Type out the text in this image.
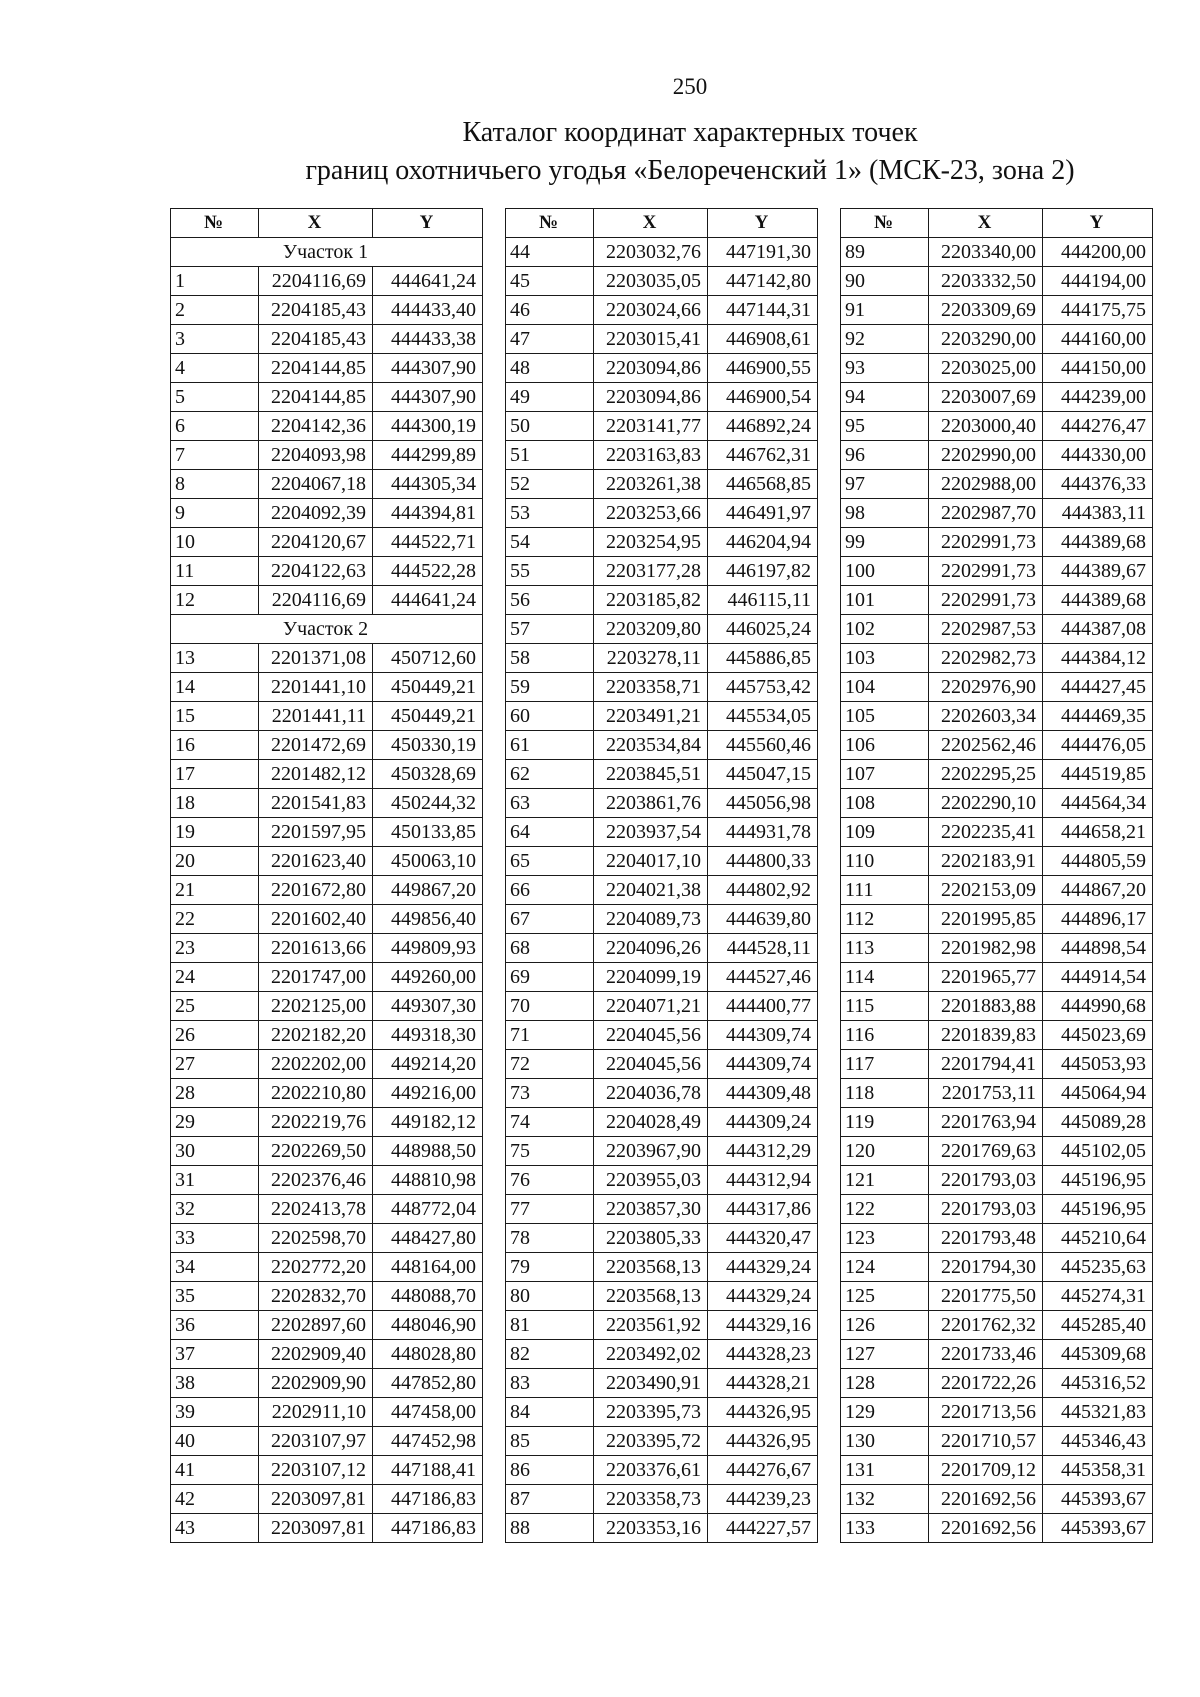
250
Каталог координат характерных точек
границ охотничьего угодья «Белореченский 1» (МСК-23, зона 2)
№	X	Y
Участок 1		
1	2204116,69	444641,24
2	2204185,43	444433,40
3	2204185,43	444433,38
4	2204144,85	444307,90
5	2204144,85	444307,90
6	2204142,36	444300,19
7	2204093,98	444299,89
8	2204067,18	444305,34
9	2204092,39	444394,81
10	2204120,67	444522,71
11	2204122,63	444522,28
12	2204116,69	444641,24
Участок 2		
13	2201371,08	450712,60
14	2201441,10	450449,21
15	2201441,11	450449,21
16	2201472,69	450330,19
17	2201482,12	450328,69
18	2201541,83	450244,32
19	2201597,95	450133,85
20	2201623,40	450063,10
21	2201672,80	449867,20
22	2201602,40	449856,40
23	2201613,66	449809,93
24	2201747,00	449260,00
25	2202125,00	449307,30
26	2202182,20	449318,30
27	2202202,00	449214,20
28	2202210,80	449216,00
29	2202219,76	449182,12
30	2202269,50	448988,50
31	2202376,46	448810,98
32	2202413,78	448772,04
33	2202598,70	448427,80
34	2202772,20	448164,00
35	2202832,70	448088,70
36	2202897,60	448046,90
37	2202909,40	448028,80
38	2202909,90	447852,80
39	2202911,10	447458,00
40	2203107,97	447452,98
41	2203107,12	447188,41
42	2203097,81	447186,83
43	2203097,81	447186,83
№	X	Y
44	2203032,76	447191,30
45	2203035,05	447142,80
46	2203024,66	447144,31
47	2203015,41	446908,61
48	2203094,86	446900,55
49	2203094,86	446900,54
50	2203141,77	446892,24
51	2203163,83	446762,31
52	2203261,38	446568,85
53	2203253,66	446491,97
54	2203254,95	446204,94
55	2203177,28	446197,82
56	2203185,82	446115,11
57	2203209,80	446025,24
58	2203278,11	445886,85
59	2203358,71	445753,42
60	2203491,21	445534,05
61	2203534,84	445560,46
62	2203845,51	445047,15
63	2203861,76	445056,98
64	2203937,54	444931,78
65	2204017,10	444800,33
66	2204021,38	444802,92
67	2204089,73	444639,80
68	2204096,26	444528,11
69	2204099,19	444527,46
70	2204071,21	444400,77
71	2204045,56	444309,74
72	2204045,56	444309,74
73	2204036,78	444309,48
74	2204028,49	444309,24
75	2203967,90	444312,29
76	2203955,03	444312,94
77	2203857,30	444317,86
78	2203805,33	444320,47
79	2203568,13	444329,24
80	2203568,13	444329,24
81	2203561,92	444329,16
82	2203492,02	444328,23
83	2203490,91	444328,21
84	2203395,73	444326,95
85	2203395,72	444326,95
86	2203376,61	444276,67
87	2203358,73	444239,23
88	2203353,16	444227,57
№	X	Y
89	2203340,00	444200,00
90	2203332,50	444194,00
91	2203309,69	444175,75
92	2203290,00	444160,00
93	2203025,00	444150,00
94	2203007,69	444239,00
95	2203000,40	444276,47
96	2202990,00	444330,00
97	2202988,00	444376,33
98	2202987,70	444383,11
99	2202991,73	444389,68
100	2202991,73	444389,67
101	2202991,73	444389,68
102	2202987,53	444387,08
103	2202982,73	444384,12
104	2202976,90	444427,45
105	2202603,34	444469,35
106	2202562,46	444476,05
107	2202295,25	444519,85
108	2202290,10	444564,34
109	2202235,41	444658,21
110	2202183,91	444805,59
111	2202153,09	444867,20
112	2201995,85	444896,17
113	2201982,98	444898,54
114	2201965,77	444914,54
115	2201883,88	444990,68
116	2201839,83	445023,69
117	2201794,41	445053,93
118	2201753,11	445064,94
119	2201763,94	445089,28
120	2201769,63	445102,05
121	2201793,03	445196,95
122	2201793,03	445196,95
123	2201793,48	445210,64
124	2201794,30	445235,63
125	2201775,50	445274,31
126	2201762,32	445285,40
127	2201733,46	445309,68
128	2201722,26	445316,52
129	2201713,56	445321,83
130	2201710,57	445346,43
131	2201709,12	445358,31
132	2201692,56	445393,67
133	2201692,56	445393,67
